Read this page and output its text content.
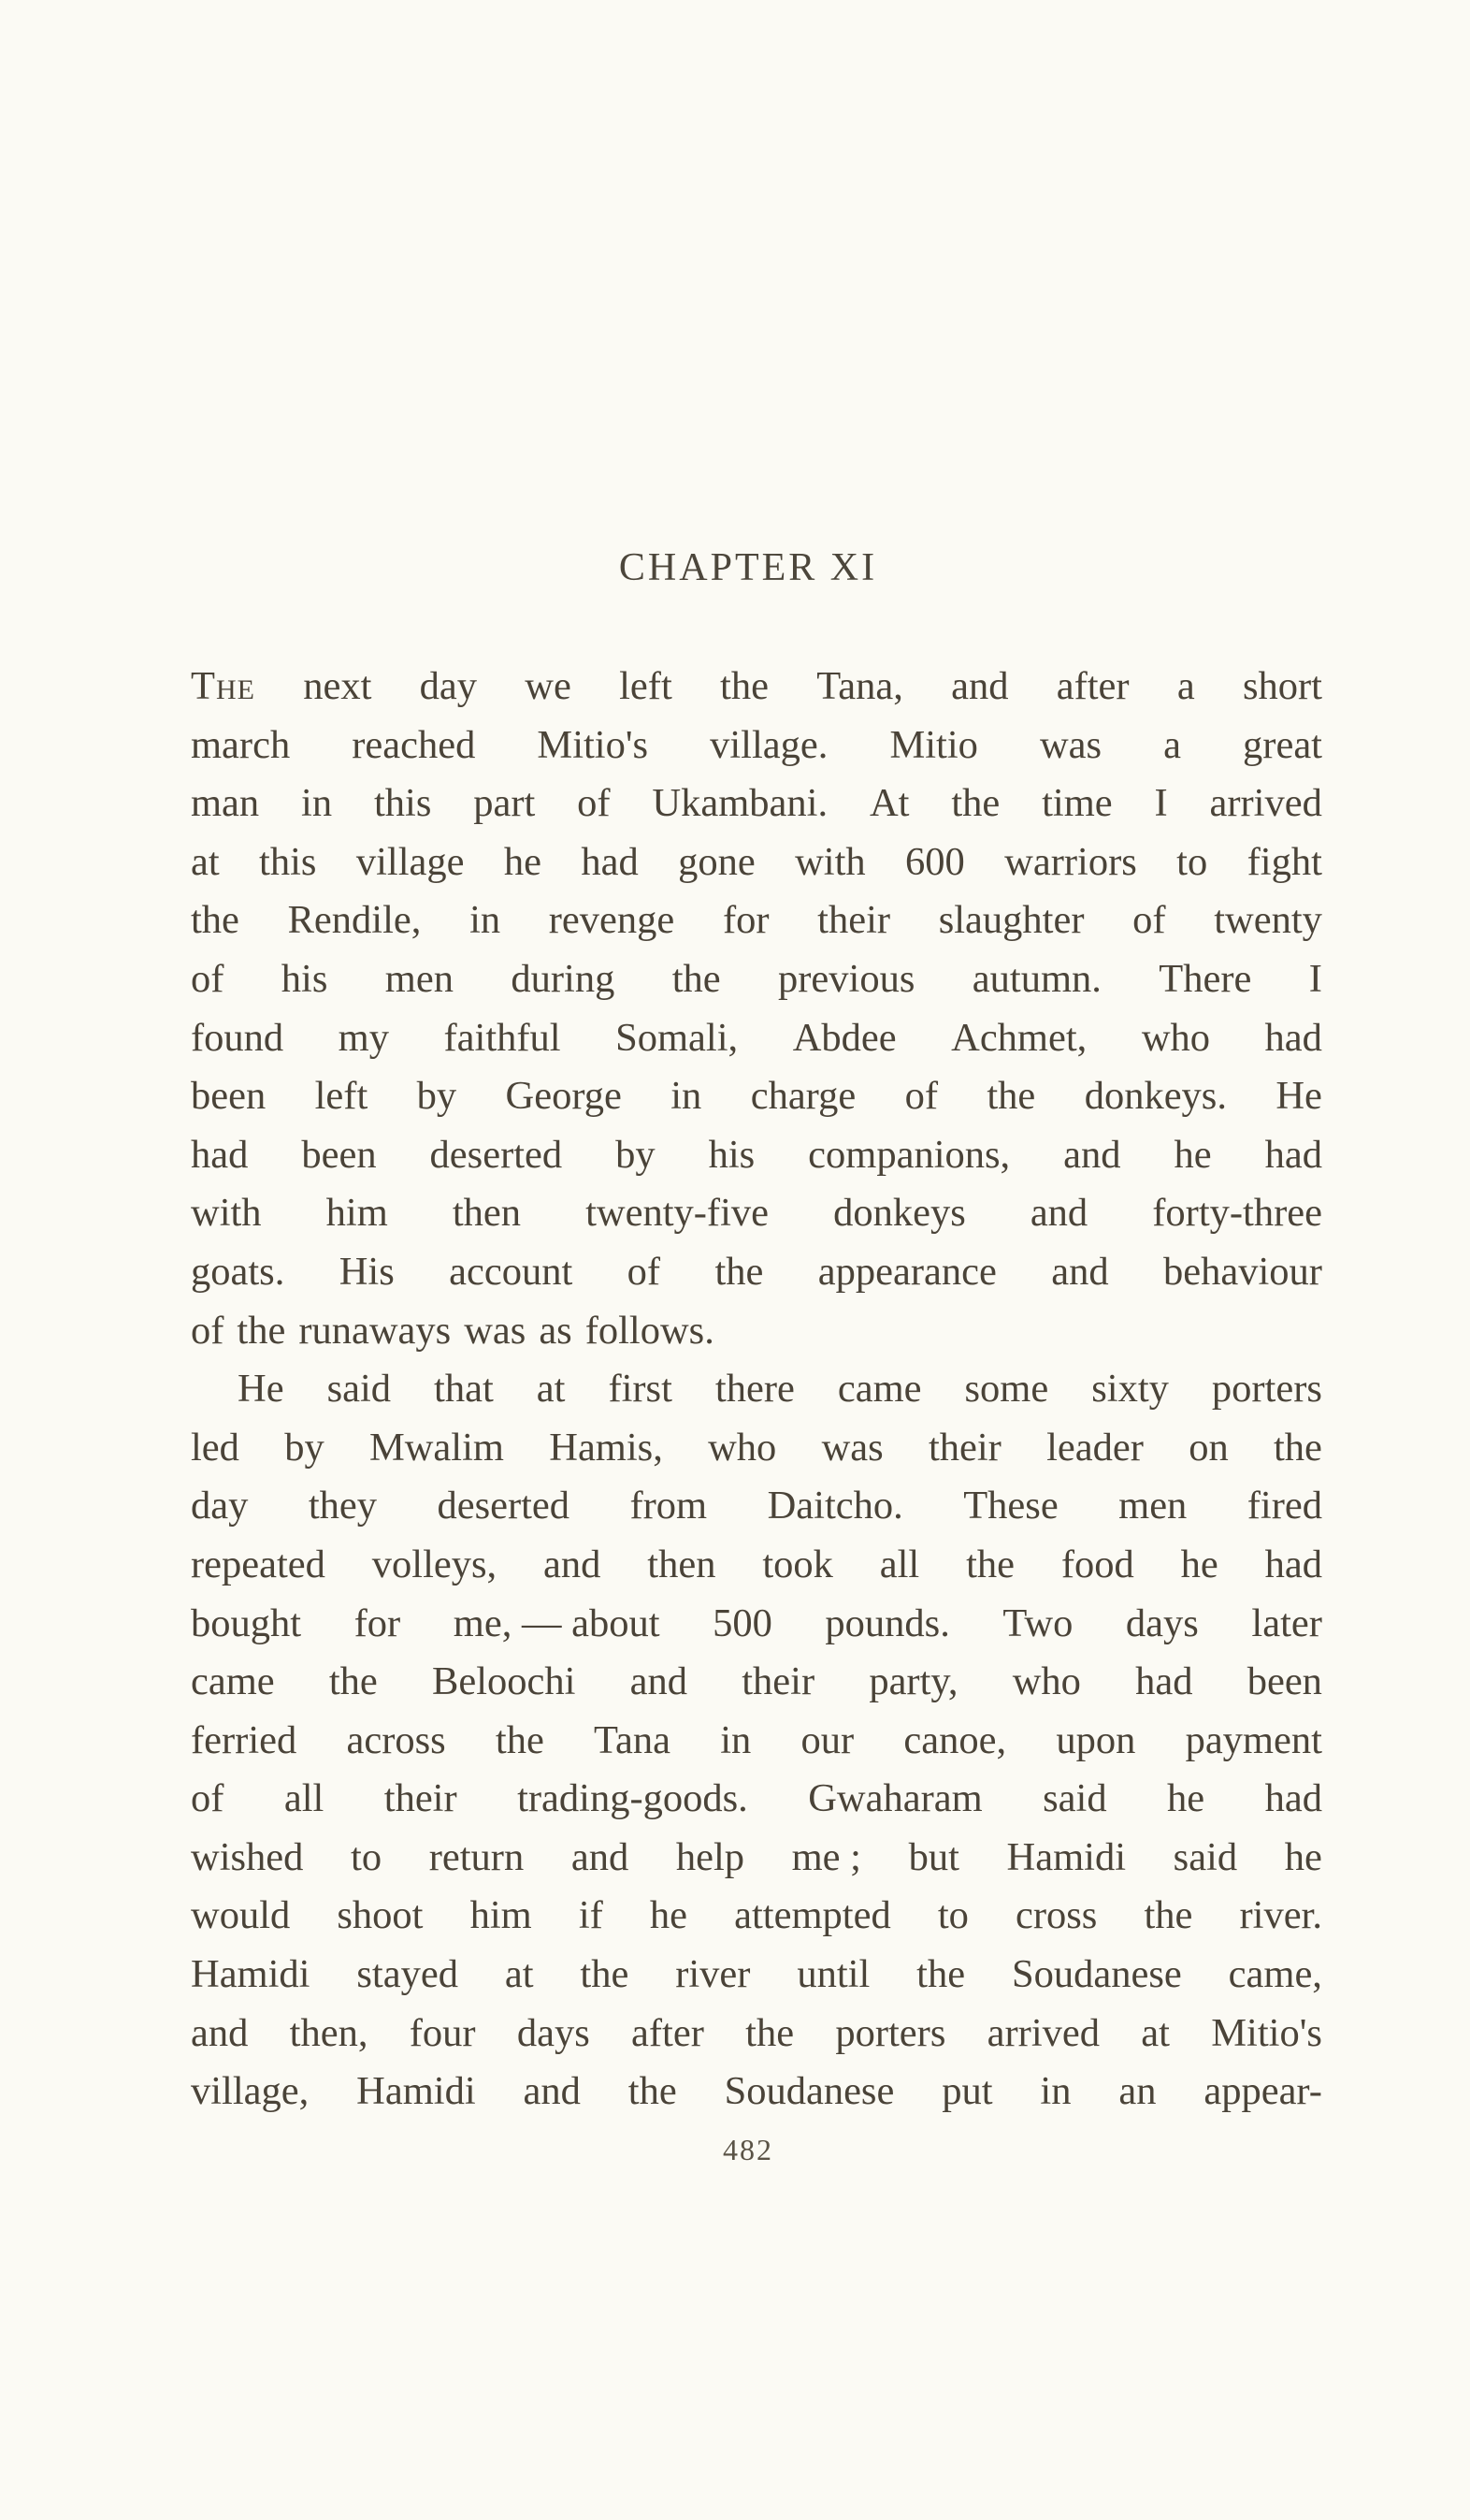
CHAPTER XI
The next day we left the Tana, and after a short
march reached Mitio's village. Mitio was a great
man in this part of Ukambani. At the time I arrived
at this village he had gone with 600 warriors to fight
the Rendile, in revenge for their slaughter of twenty
of his men during the previous autumn. There I
found my faithful Somali, Abdee Achmet, who had
been left by George in charge of the donkeys. He
had been deserted by his companions, and he had
with him then twenty-five donkeys and forty-three
goats. His account of the appearance and behaviour
of the runaways was as follows.
He said that at first there came some sixty porters
led by Mwalim Hamis, who was their leader on the
day they deserted from Daitcho. These men fired
repeated volleys, and then took all the food he had
bought for me, — about 500 pounds. Two days later
came the Beloochi and their party, who had been
ferried across the Tana in our canoe, upon payment
of all their trading-goods. Gwaharam said he had
wished to return and help me ; but Hamidi said he
would shoot him if he attempted to cross the river.
Hamidi stayed at the river until the Soudanese came,
and then, four days after the porters arrived at Mitio's
village, Hamidi and the Soudanese put in an appear-
482
